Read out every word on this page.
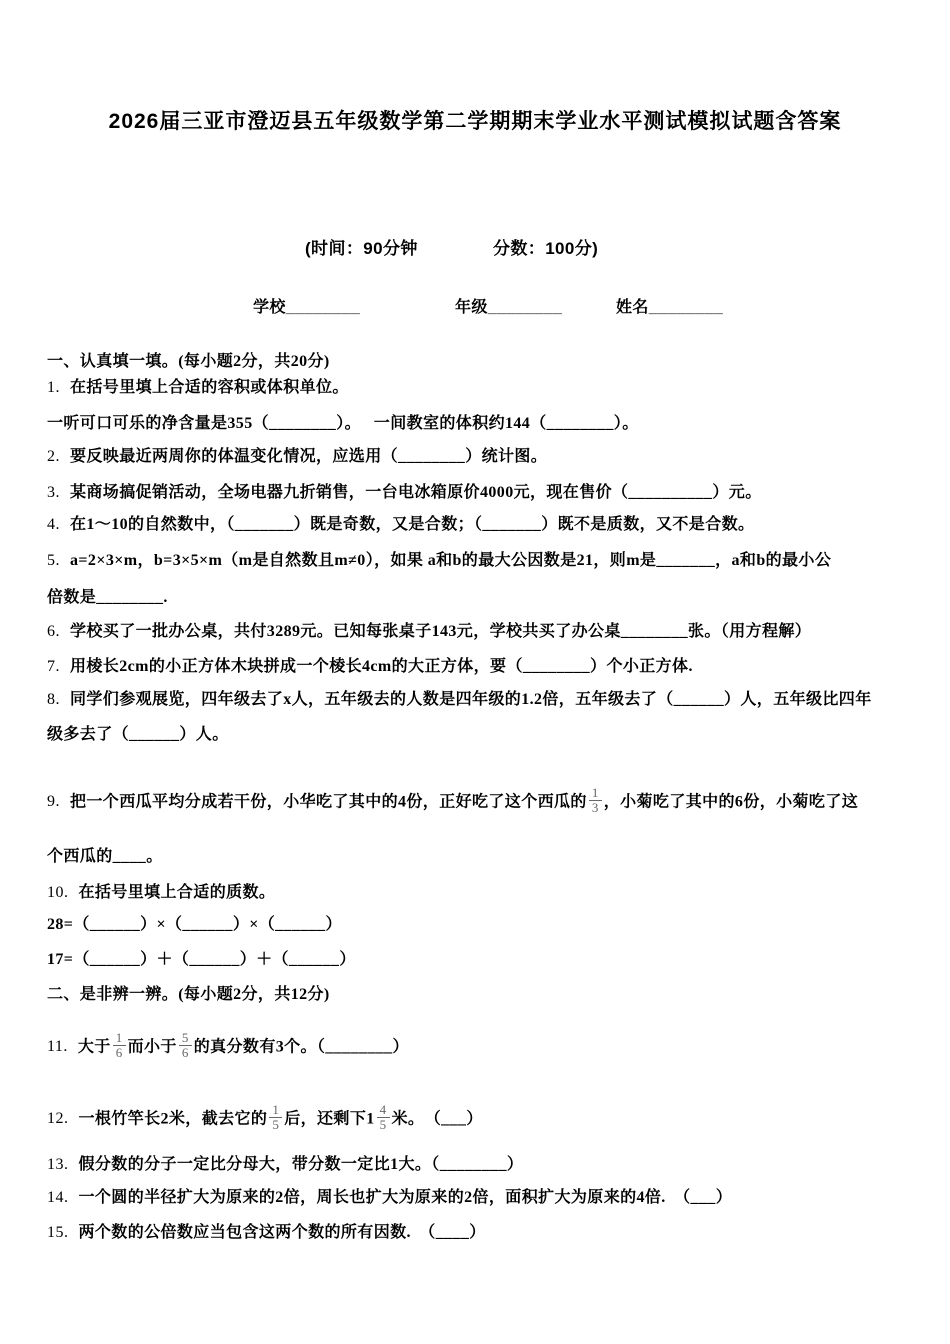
2026届三亚市澄迈县五年级数学第二学期期末学业水平测试模拟试题含答案
(时间：90分钟	分数：100分)
学校________	年级________	姓名________
一、认真填一填。(每小题2分，共20分)
1. 在括号里填上合适的容积或体积单位。
一听可口可乐的净含量是355（________）。　 一间教室的体积约144（________）。
2. 要反映最近两周你的体温变化情况，应选用（________）统计图。
3. 某商场搞促销活动，全场电器九折销售，一台电冰箱原价4000元，现在售价（__________）元。
4. 在1～10的自然数中，（_______）既是奇数，又是合数；（_______）既不是质数，又不是合数。
5. a=2×3×m，b=3×5×m（m是自然数且m≠0），如果 a和b的最大公因数是21，则m是_______，a和b的最小公
倍数是________.
6. 学校买了一批办公桌，共付3289元。已知每张桌子143元，学校共买了办公桌________张。（用方程解）
7. 用棱长2cm的小正方体木块拼成一个棱长4cm的大正方体，要（________）个小正方体.
8. 同学们参观展览，四年级去了x人，五年级去的人数是四年级的1.2倍，五年级去了（______）人，五年级比四年
级多去了（______）人。
9. 把一个西瓜平均分成若干份，小华吃了其中的4份，正好吃了这个西瓜的 $\frac{1}{3}$ ，小菊吃了其中的6份，小菊吃了这
个西瓜的____。
10. 在括号里填上合适的质数。
28=（______）×（______）×（______）
17=（______）＋（______）＋（______）
二、是非辨一辨。(每小题2分，共12分)
11. 大于 $\frac{1}{6}$ 而小于 $\frac{5}{6}$ 的真分数有3个。（________）
12. 一根竹竿长2米，截去它的 $\frac{1}{5}$ 后，还剩下$1 \frac{4}{5}$ 米。　（___）
13. 假分数的分子一定比分母大，带分数一定比1大。（________）
14. 一个圆的半径扩大为原来的2倍，周长也扩大为原来的2倍，面积扩大为原来的4倍.　（___）
15. 两个数的公倍数应当包含这两个数的所有因数.　（____）
